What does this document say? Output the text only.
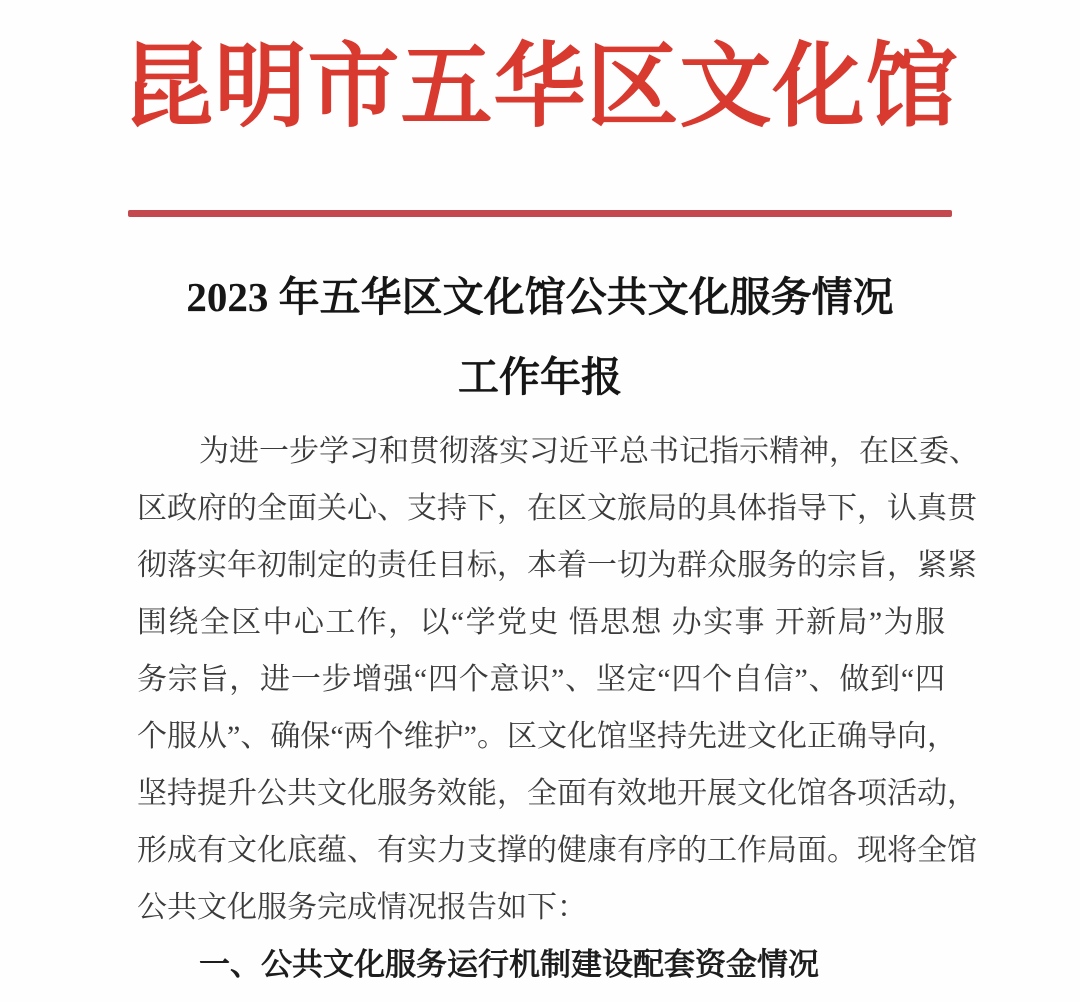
昆明市五华区文化馆
2023 年五华区文化馆公共文化服务情况
工作年报
为进一步学习和贯彻落实习近平总书记指示精神，在区委、
区政府的全面关心、支持下，在区文旅局的具体指导下，认真贯
彻落实年初制定的责任目标，本着一切为群众服务的宗旨，紧紧
围绕全区中心工作，以“学党史 悟思想 办实事 开新局”为服
务宗旨，进一步增强“四个意识”、坚定“四个自信”、做到“四
个服从”、确保“两个维护”。区文化馆坚持先进文化正确导向，
坚持提升公共文化服务效能，全面有效地开展文化馆各项活动，
形成有文化底蕴、有实力支撑的健康有序的工作局面。现将全馆
公共文化服务完成情况报告如下：
一、公共文化服务运行机制建设配套资金情况
